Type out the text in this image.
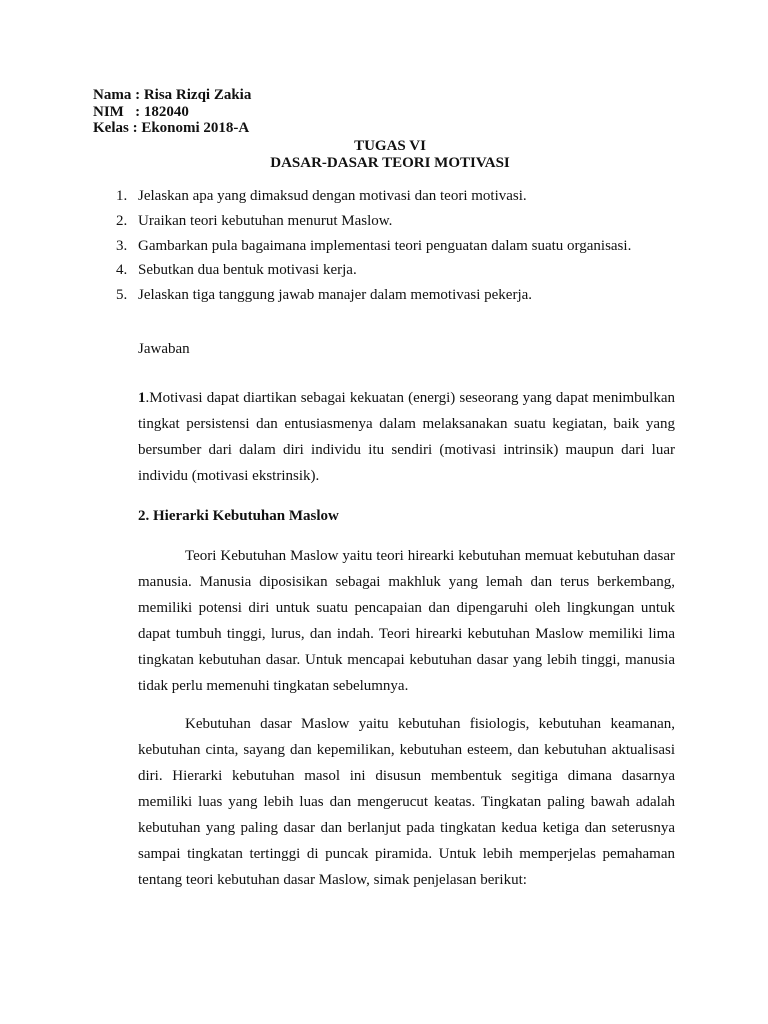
Nama : Risa Rizqi Zakia
NIM   : 182040
Kelas : Ekonomi 2018-A
TUGAS VI
DASAR-DASAR TEORI MOTIVASI
1. Jelaskan apa yang dimaksud dengan motivasi dan teori motivasi.
2. Uraikan teori kebutuhan menurut Maslow.
3. Gambarkan pula bagaimana implementasi teori penguatan dalam suatu organisasi.
4. Sebutkan dua bentuk motivasi kerja.
5. Jelaskan tiga tanggung jawab manajer dalam memotivasi pekerja.
Jawaban

1.Motivasi dapat diartikan sebagai kekuatan (energi) seseorang yang dapat menimbulkan tingkat persistensi dan entusiasmenya dalam melaksanakan suatu kegiatan, baik yang bersumber dari dalam diri individu itu sendiri (motivasi intrinsik) maupun dari luar individu (motivasi ekstrinsik).

2. Hierarki Kebutuhan Maslow

Teori Kebutuhan Maslow yaitu teori hirearki kebutuhan memuat kebutuhan dasar manusia. Manusia diposisikan sebagai makhluk yang lemah dan terus berkembang, memiliki potensi diri untuk suatu pencapaian dan dipengaruhi oleh lingkungan untuk dapat tumbuh tinggi, lurus, dan indah. Teori hirearki kebutuhan Maslow memiliki lima tingkatan kebutuhan dasar. Untuk mencapai kebutuhan dasar yang lebih tinggi, manusia tidak perlu memenuhi tingkatan sebelumnya.

Kebutuhan dasar Maslow yaitu kebutuhan fisiologis, kebutuhan keamanan, kebutuhan cinta, sayang dan kepemilikan, kebutuhan esteem, dan kebutuhan aktualisasi diri. Hierarki kebutuhan masol ini disusun membentuk segitiga dimana dasarnya memiliki luas yang lebih luas dan mengerucut keatas. Tingkatan paling bawah adalah kebutuhan yang paling dasar dan berlanjut pada tingkatan kedua ketiga dan seterusnya sampai tingkatan tertinggi di puncak piramida. Untuk lebih memperjelas pemahaman tentang teori kebutuhan dasar Maslow, simak penjelasan berikut:
